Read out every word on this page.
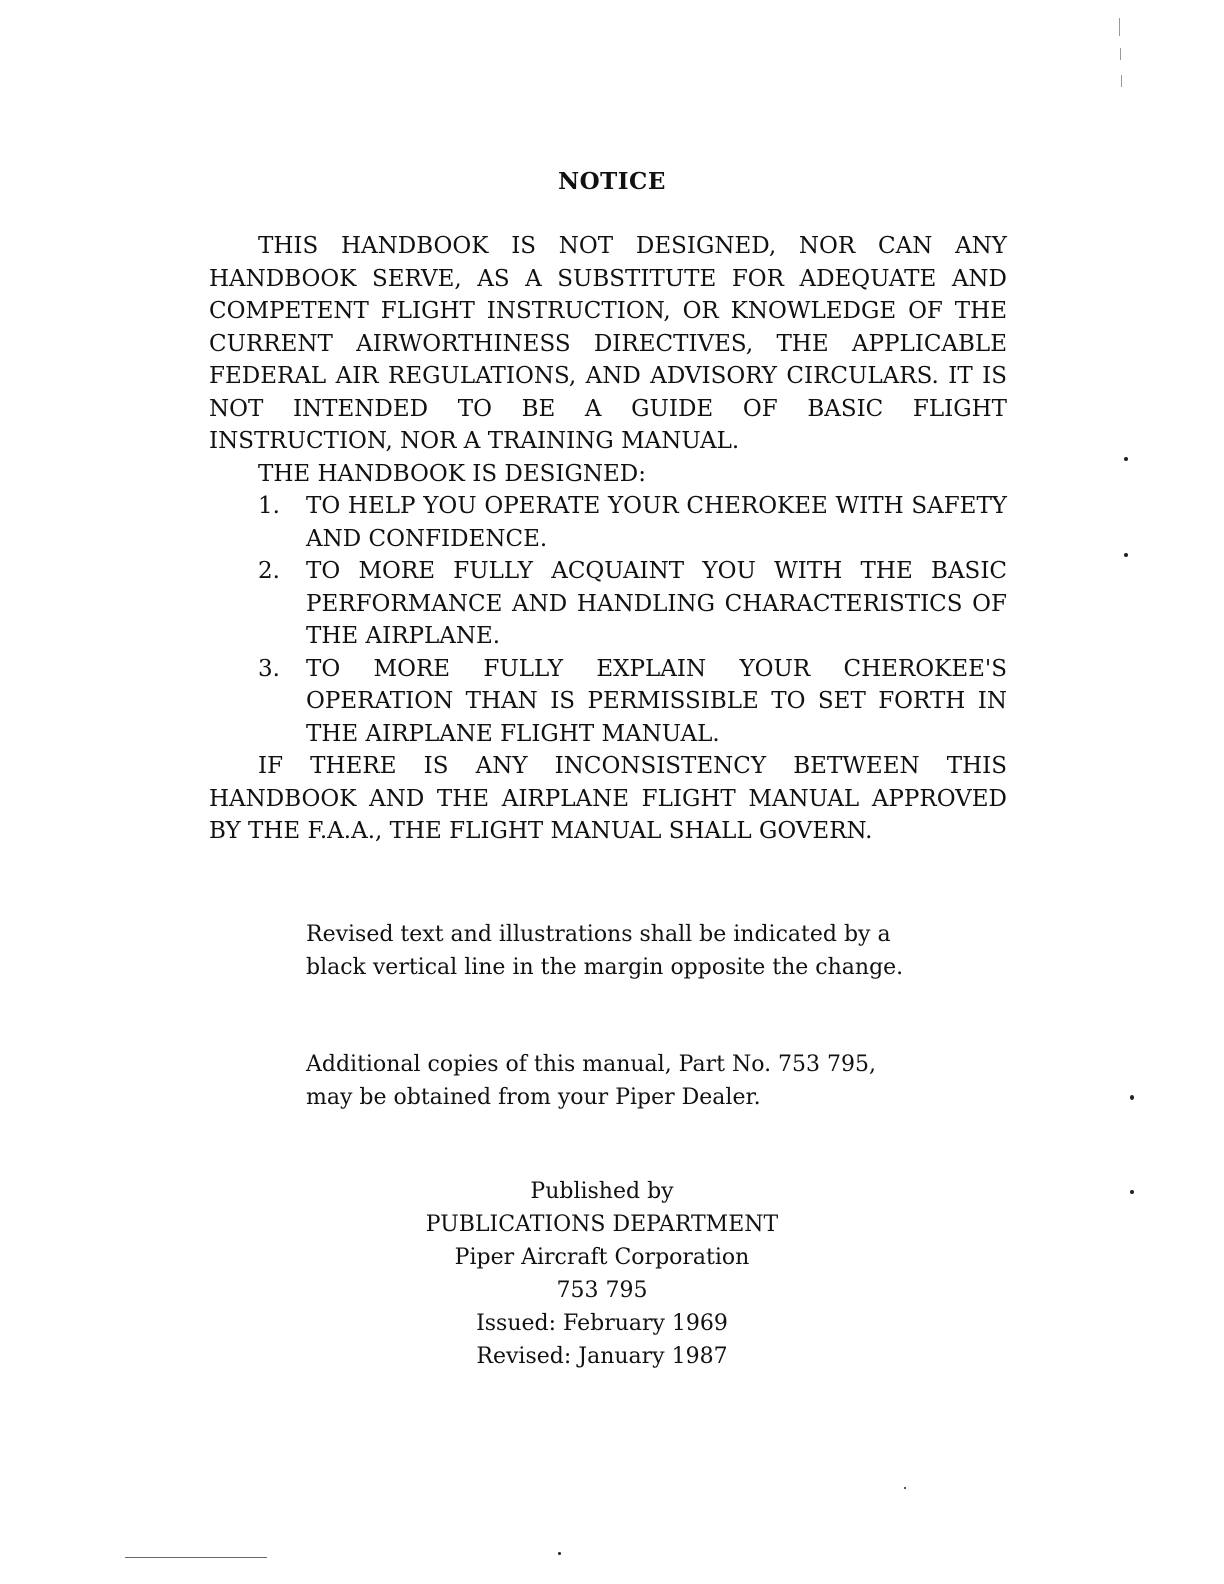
NOTICE

THIS HANDBOOK IS NOT DESIGNED, NOR CAN ANY HANDBOOK SERVE, AS A SUBSTITUTE FOR ADEQUATE AND COMPETENT FLIGHT INSTRUCTION, OR KNOWLEDGE OF THE CURRENT AIRWORTHINESS DIRECTIVES, THE APPLICABLE FEDERAL AIR REGULATIONS, AND ADVISORY CIRCULARS. IT IS NOT INTENDED TO BE A GUIDE OF BASIC FLIGHT INSTRUCTION, NOR A TRAINING MANUAL.

THE HANDBOOK IS DESIGNED:

1. TO HELP YOU OPERATE YOUR CHEROKEE WITH SAFETY AND CONFIDENCE.
2. TO MORE FULLY ACQUAINT YOU WITH THE BASIC PERFORMANCE AND HANDLING CHARACTERISTICS OF THE AIRPLANE.
3. TO MORE FULLY EXPLAIN YOUR CHEROKEE'S OPERATION THAN IS PERMISSIBLE TO SET FORTH IN THE AIRPLANE FLIGHT MANUAL.

IF THERE IS ANY INCONSISTENCY BETWEEN THIS HANDBOOK AND THE AIRPLANE FLIGHT MANUAL APPROVED BY THE F.A.A., THE FLIGHT MANUAL SHALL GOVERN.

Revised text and illustrations shall be indicated by a

black vertical line in the margin opposite the change.

Additional copies of this manual, Part No. 753 795,

may be obtained from your Piper Dealer.

Published by

PUBLICATIONS DEPARTMENT

Piper Aircraft Corporation

753 795

Issued: February 1969

Revised: January 1987
